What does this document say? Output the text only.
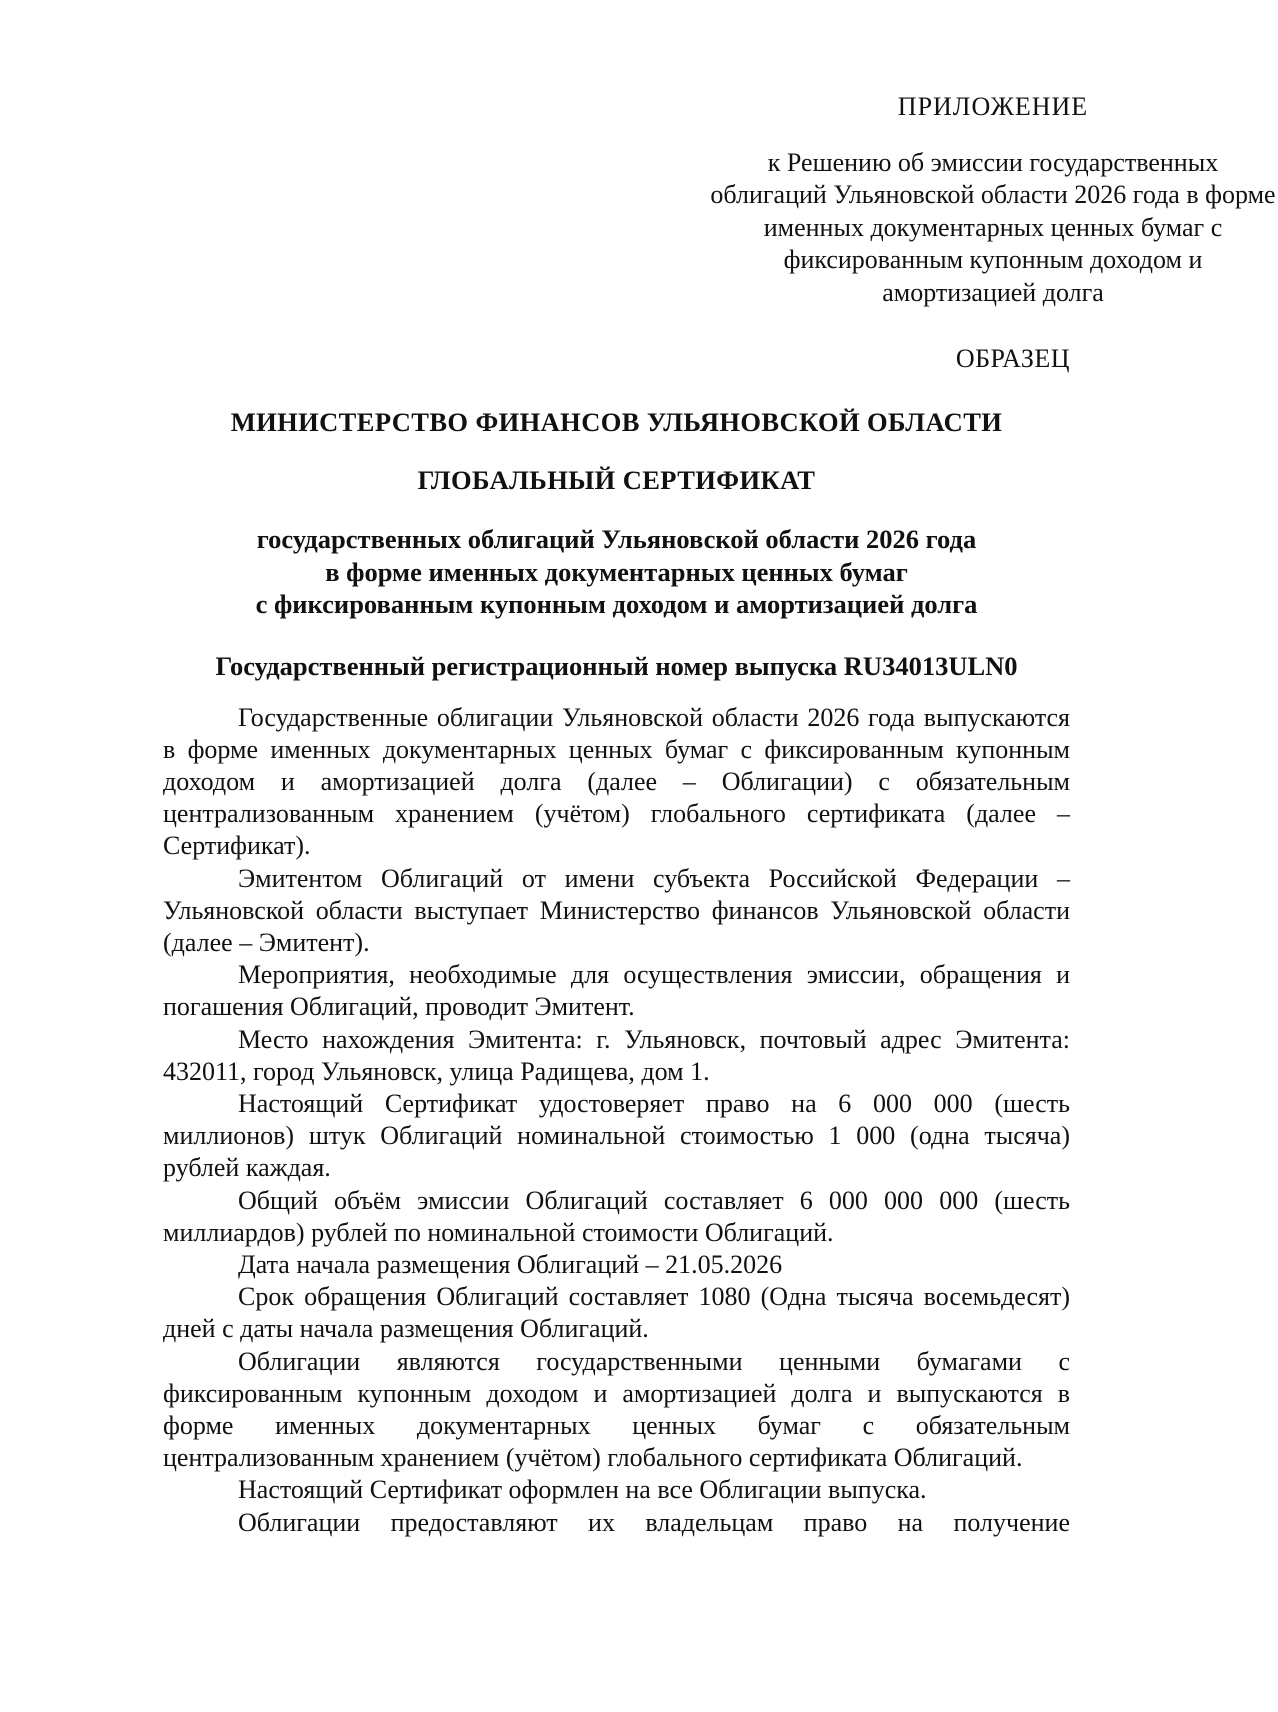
ПРИЛОЖЕНИЕ
к Решению об эмиссии государственных облигаций Ульяновской области 2026 года в форме именных документарных ценных бумаг с фиксированным купонным доходом и амортизацией долга
ОБРАЗЕЦ
МИНИСТЕРСТВО ФИНАНСОВ УЛЬЯНОВСКОЙ ОБЛАСТИ
ГЛОБАЛЬНЫЙ СЕРТИФИКАТ
государственных облигаций Ульяновской области 2026 года
в форме именных документарных ценных бумаг
с фиксированным купонным доходом и амортизацией долга
Государственный регистрационный номер выпуска RU34013ULN0

Государственные облигации Ульяновской области 2026 года выпускаются в форме именных документарных ценных бумаг с фиксированным купонным доходом и амортизацией долга (далее – Облигации) с обязательным централизованным хранением (учётом) глобального сертификата (далее – Сертификат).

Эмитентом Облигаций от имени субъекта Российской Федерации – Ульяновской области выступает Министерство финансов Ульяновской области (далее – Эмитент).

Мероприятия, необходимые для осуществления эмиссии, обращения и погашения Облигаций, проводит Эмитент.

Место нахождения Эмитента: г. Ульяновск, почтовый адрес Эмитента: 432011, город Ульяновск, улица Радищева, дом 1.

Настоящий Сертификат удостоверяет право на 6 000 000 (шесть миллионов) штук Облигаций номинальной стоимостью 1 000 (одна тысяча) рублей каждая.

Общий объём эмиссии Облигаций составляет 6 000 000 000 (шесть миллиардов) рублей по номинальной стоимости Облигаций.

Дата начала размещения Облигаций – 21.05.2026

Срок обращения Облигаций составляет 1080 (Одна тысяча восемьдесят) дней с даты начала размещения Облигаций.

Облигации являются государственными ценными бумагами с фиксированным купонным доходом и амортизацией долга и выпускаются в форме именных документарных ценных бумаг с обязательным централизованным хранением (учётом) глобального сертификата Облигаций.

Настоящий Сертификат оформлен на все Облигации выпуска.

Облигации предоставляют их владельцам право на получение
